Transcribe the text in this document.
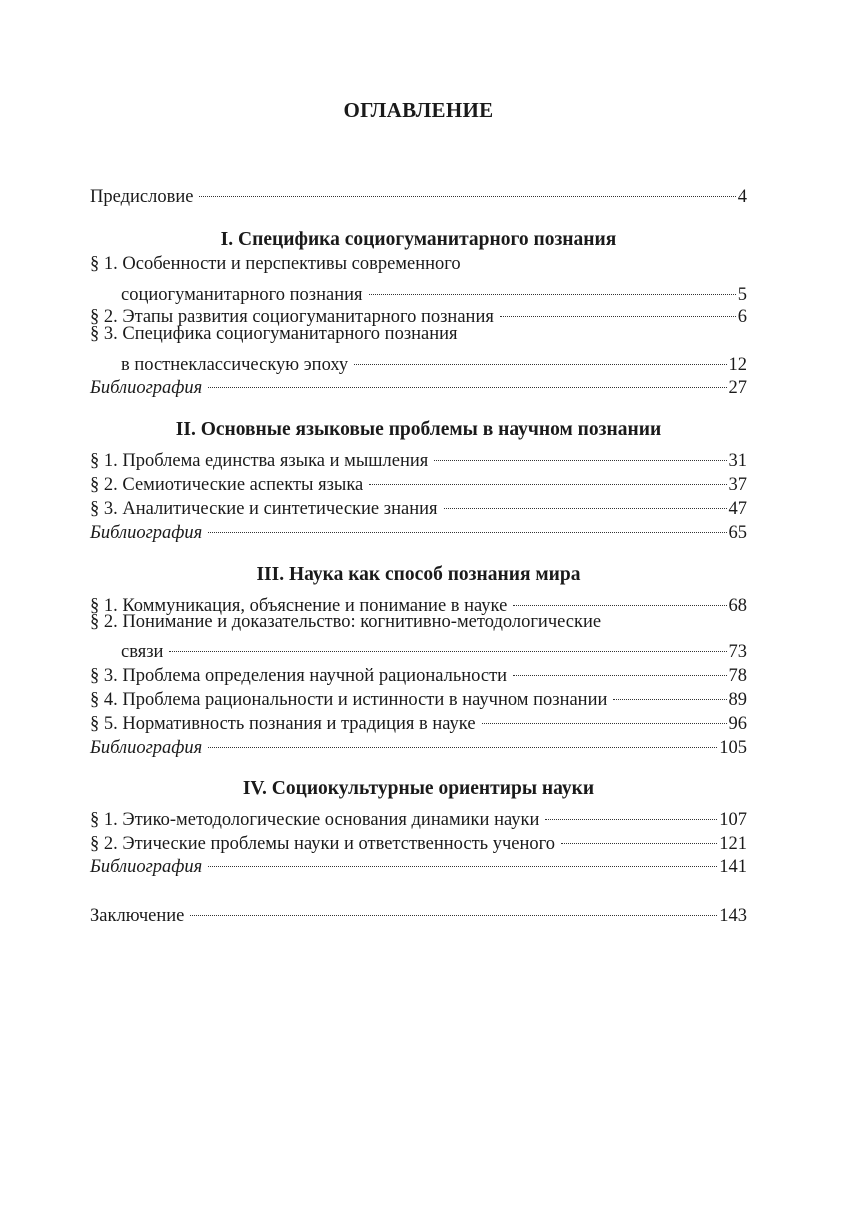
ОГЛАВЛЕНИЕ
Предисловие	4
I. Специфика социогуманитарного познания
§ 1. Особенности и перспективы современного
социогуманитарного познания	5
§ 2. Этапы развития социогуманитарного познания	6
§ 3. Специфика социогуманитарного познания
в постнеклассическую эпоху	12
Библиография	27
II. Основные языковые проблемы в научном познании
§ 1. Проблема единства языка и мышления	31
§ 2. Семиотические аспекты языка	37
§ 3. Аналитические и синтетические знания	47
Библиография	65
III. Наука как способ познания мира
§ 1. Коммуникация, объяснение и понимание в науке	68
§ 2. Понимание и доказательство: когнитивно-методологические
связи	73
§ 3. Проблема определения научной рациональности	78
§ 4. Проблема рациональности и истинности в научном познании	89
§ 5. Нормативность познания и традиция в науке	96
Библиография	105
IV. Социокультурные ориентиры науки
§ 1. Этико-методологические основания динамики науки	107
§ 2. Этические проблемы науки и ответственность ученого	121
Библиография	141
Заключение	143
